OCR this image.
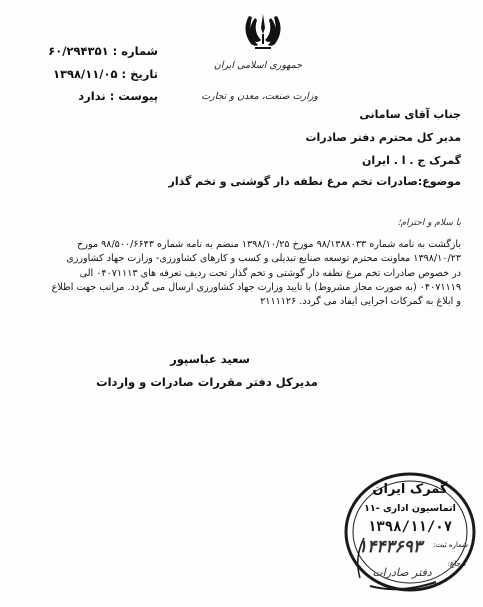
جمهوری اسلامی ایران
وزارت صنعت، معدن و تجارت
شماره : ۶۰/۲۹۴۳۵۱
تاریخ : ۱۳۹۸/۱۱/۰۵
پیوست : ندارد
جناب آقای سامانی
مدیر کل محترم دفتر صادرات
گمرک ج . ا . ایران
موضوع:صادرات تخم مرغ نطفه دار گوشتی و تخم گذار
با سلام و احترام؛
بازگشت به نامه شماره ۹۸/۱۳۸۸۰۳۳ مورخ ۱۳۹۸/۱۰/۲۵ منضم به نامه شماره ۹۸/۵۰۰/۶۶۴۳ مورخ
۱۳۹۸/۱۰/۲۳ معاونت محترم توسعه صنایع تبدیلی و کسب و کارهای کشاورزی- وزارت جهاد کشاورزی
در خصوص صادرات تخم مرغ نطفه دار گوشتی و تخم گذار تحت ردیف تعرفه های ۰۴۰۷۱۱۱۳ الی
۰۴۰۷۱۱۱۹ (به صورت مجاز مشروط) با تایید وزارت جهاد کشاورزی ارسال می گردد. مراتب جهت اطلاع
و ابلاغ به گمرکات اجرایی ایفاد می گردد. ۲۱۱۱۱۲۶
سعید عباسپور
مدیرکل دفتر مقررات صادرات و واردات
گمرک ایران
اتماسیون اداری -۱۱
۱۳۹۸/۱۱/۰۷
شماره ثبت:
۱۴۴۳۶۹۳
ارجاع:
دفتر صادرات
